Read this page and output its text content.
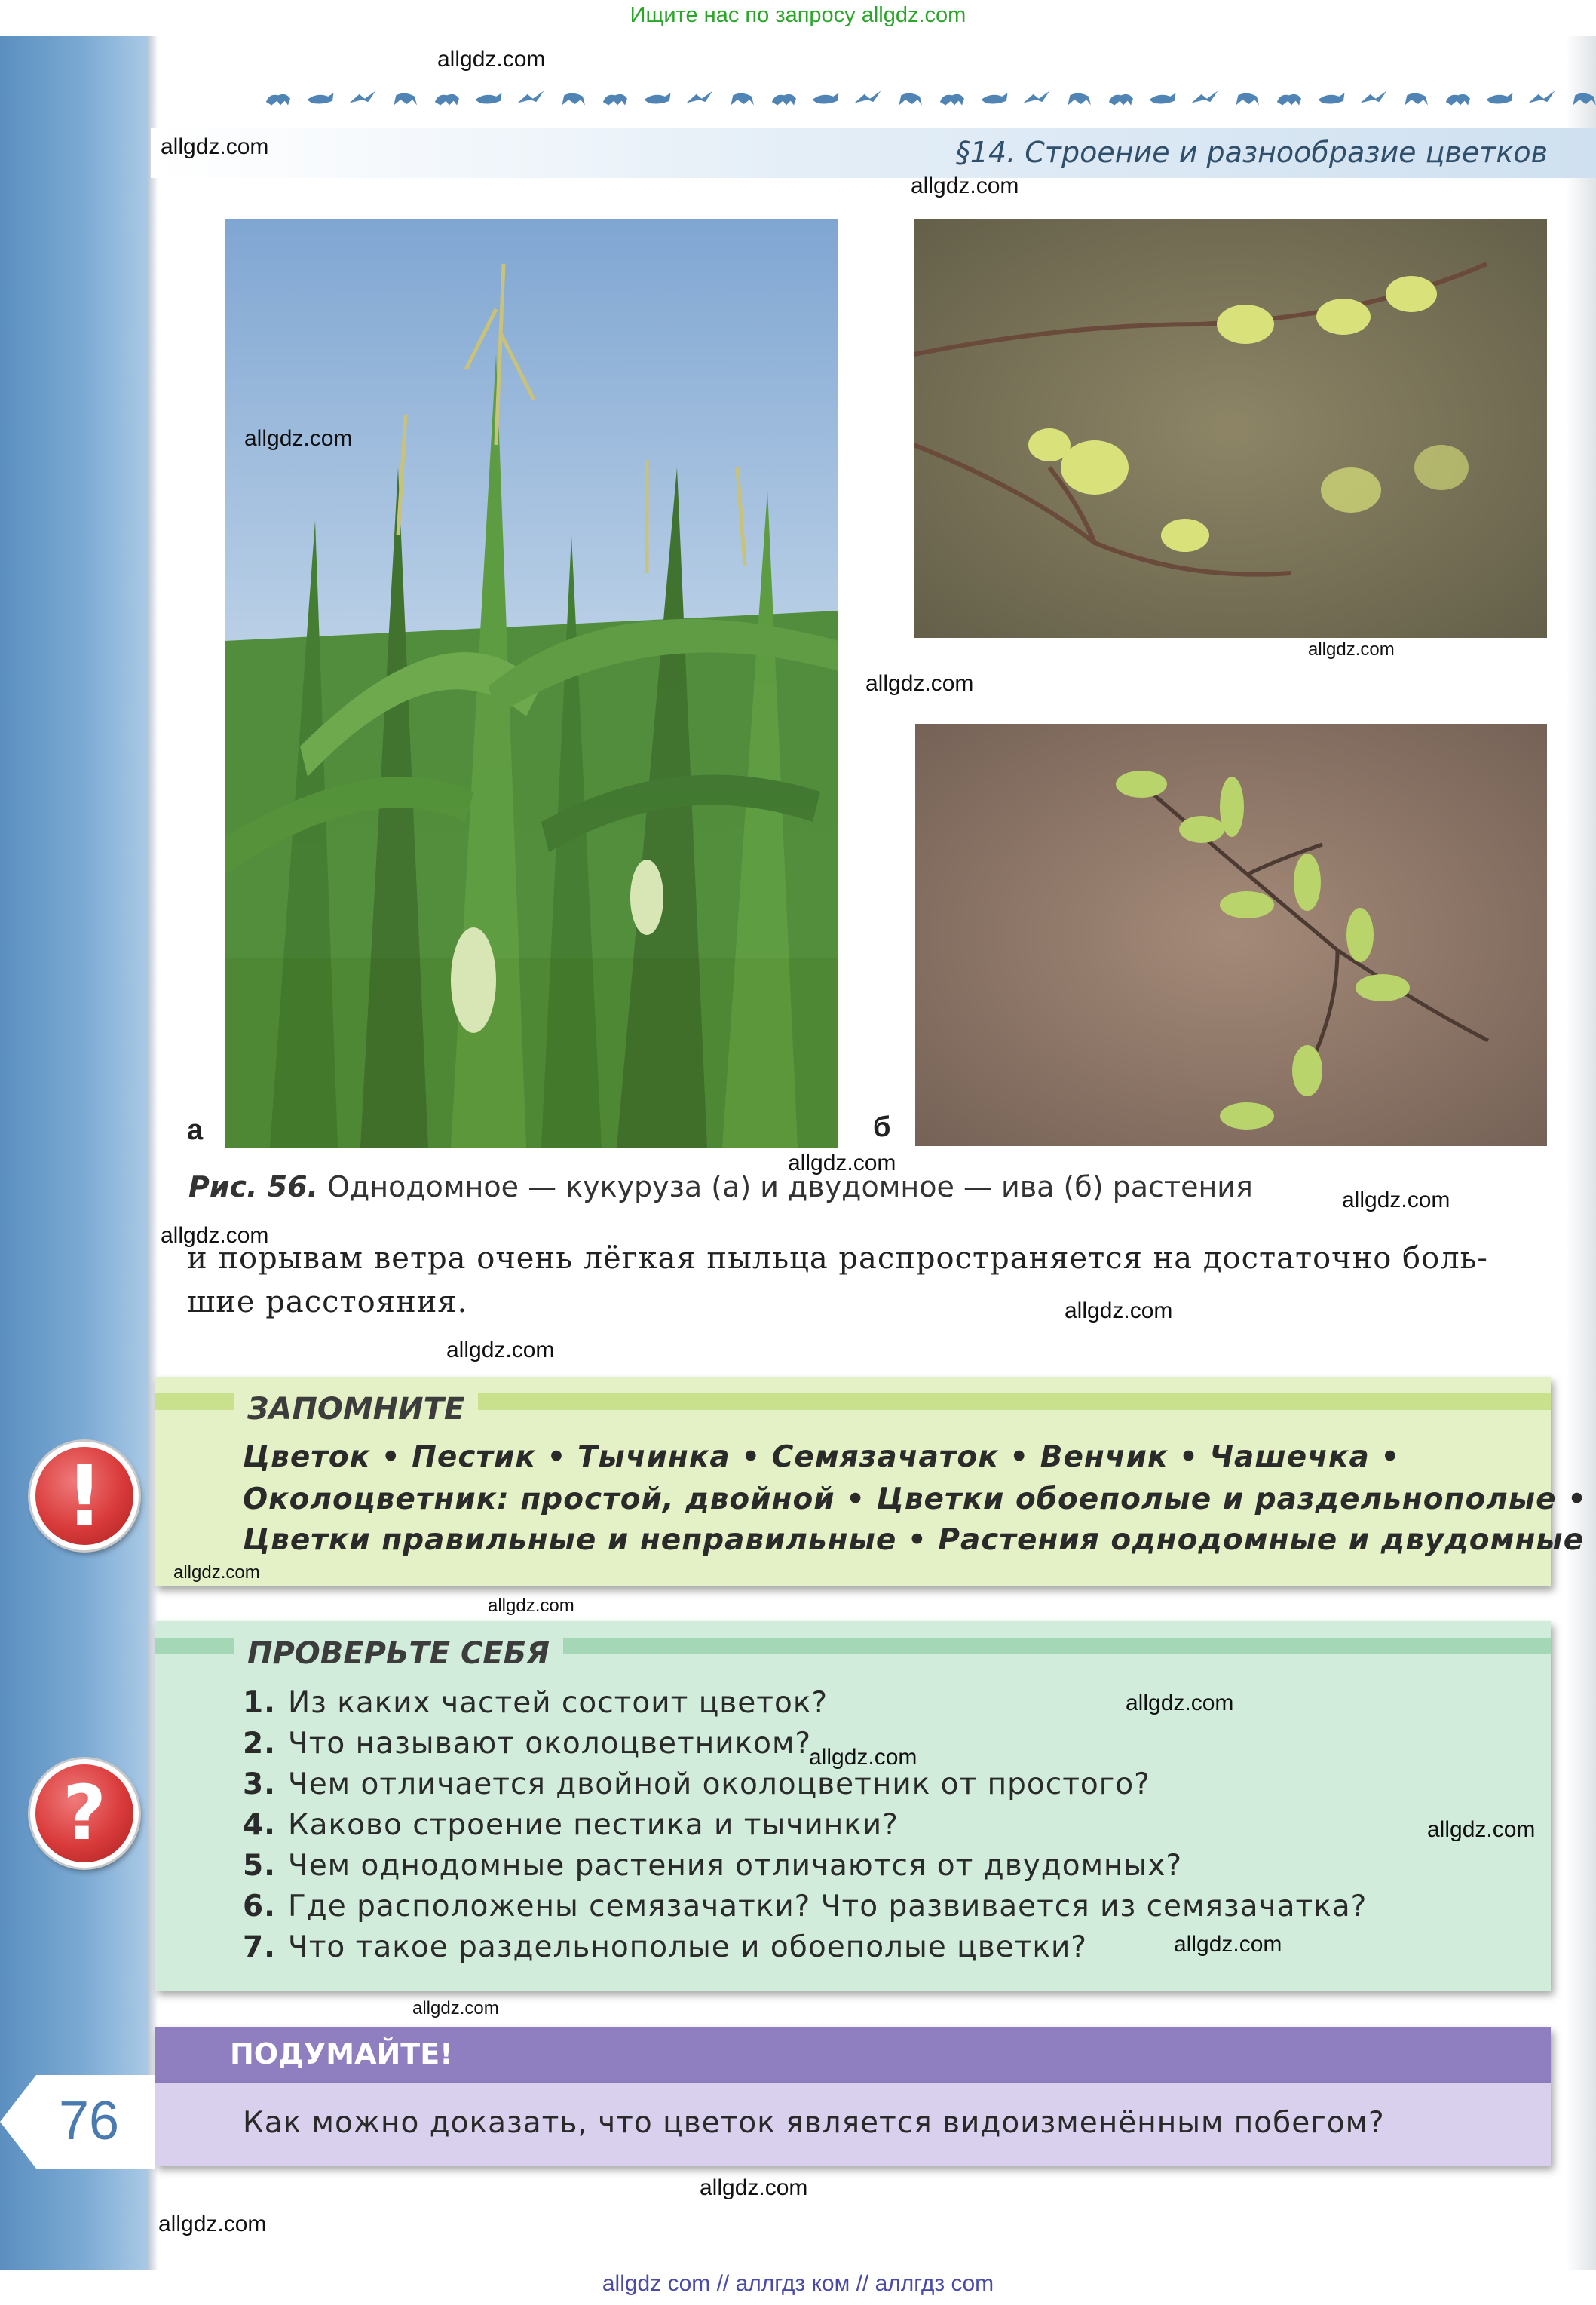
Ищите нас по запросу allgdz.com
§14. Строение и разнообразие цветков
allgdz.com
а	б
Рис. 56. Однодомное — кукуруза (а) и двудомное — ива (б) растения
и порывам ветра очень лёгкая пыльца распространяется на достаточно боль-
шие расстояния.
ЗАПОМНИТЕ
Цветок • Пестик • Тычинка • Семязачаток • Венчик • Чашечка •
Околоцветник: простой, двойной • Цветки обоеполые и раздельнополые •
Цветки правильные и неправильные • Растения однодомные и двудомные
!
ПРОВЕРЬТЕ СЕБЯ
1. Из каких частей состоит цветок?
2. Что называют околоцветником?
3. Чем отличается двойной околоцветник от простого?
4. Каково строение пестика и тычинки?
5. Чем однодомные растения отличаются от двудомных?
6. Где расположены семязачатки? Что развивается из семязачатка?
7. Что такое раздельнополые и обоеполые цветки?
?
ПОДУМАЙТЕ!
Как можно доказать, что цветок является видоизменённым побегом?
76
allgdz.com
allgdz.com
allgdz.com
allgdz.com
allgdz.com
allgdz.com
allgdz.com
allgdz.com
allgdz.com
allgdz.com
allgdz.com
allgdz.com
allgdz.com
allgdz.com
allgdz.com
allgdz.com
allgdz.com
allgdz.com
allgdz.com
allgdz com // аллгдз ком // аллгдз com
